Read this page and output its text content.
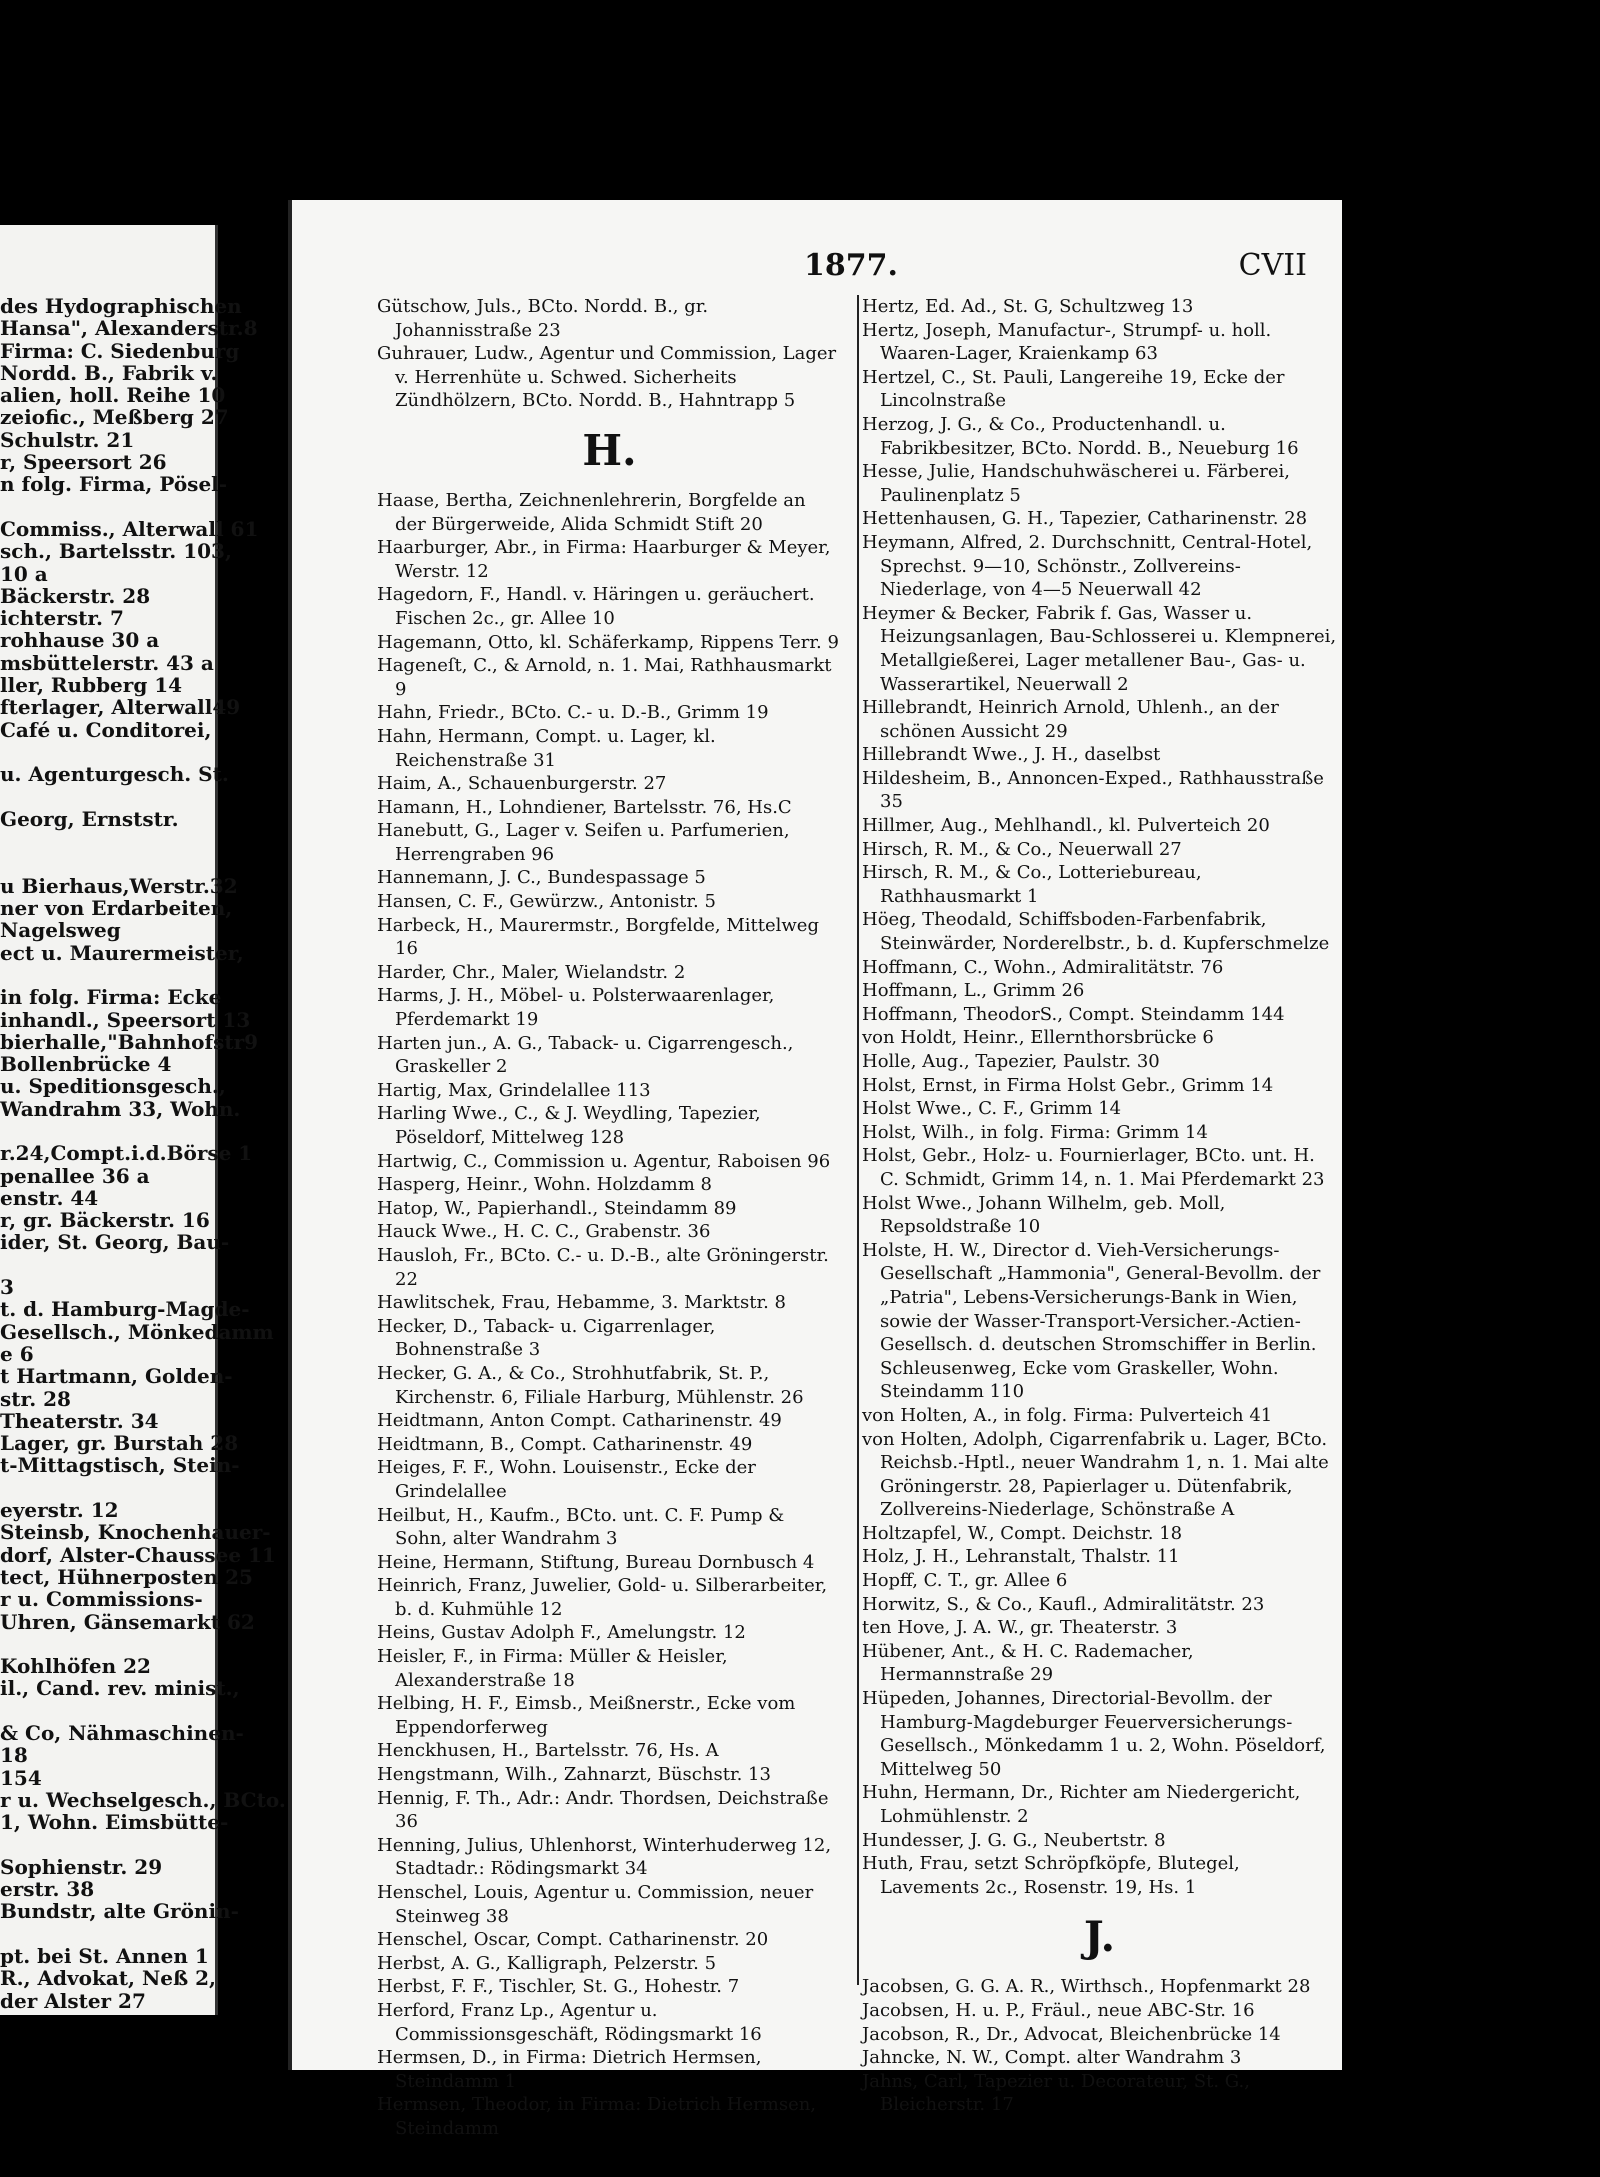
des Hydographischen
Hansa", Alexanderstr.8
Firma: C. Siedenburg
Nordd. B., Fabrik v.
alien, holl. Reihe 10
zeiofic., Meßberg 27
Schulstr. 21
r, Speersort 26
n folg. Firma, Pösel-

Commiss., Alterwall 61
sch., Bartelsstr. 103,
10 a
Bäckerstr. 28
ichterstr. 7
rohhause 30 a
msbüttelerstr. 43 a
ller, Rubberg 14
fterlager, Alterwall49
Café u. Conditorei,

u. Agenturgesch. St.

Georg, Ernststr.

u Bierhaus,Werstr.32
ner von Erdarbeiten,
Nagelsweg
ect u. Maurermeister,

in folg. Firma: Ecke
inhandl., Speersort 13
bierhalle,"Bahnhofstr9
Bollenbrücke 4
u. Speditionsgesch.,
Wandrahm 33, Wohn.

r.24,Compt.i.d.Börse 1
penallee 36 a
enstr. 44
r, gr. Bäckerstr. 16
ider, St. Georg, Bau-

3
t. d. Hamburg-Magde-
Gesellsch., Mönkedamm
e 6
t Hartmann, Golden-
str. 28
Theaterstr. 34
Lager, gr. Burstah 28
t-Mittagstisch, Stein-

eyerstr. 12
Steinsb, Knochenhauer-
dorf, Alster-Chaussee 11
tect, Hühnerposten 25
r u. Commissions-
Uhren, Gänsemarkt 62

Kohlhöfen 22
il., Cand. rev. minist.,

& Co, Nähmaschinen-
18
154
r u. Wechselgesch., BCto.
1, Wohn. Eimsbütte-

Sophienstr. 29
erstr. 38
Bundstr, alte Grönin-

pt. bei St. Annen 1
R., Advokat, Neß 2,
der Alster 27
1877.	CVII
Gütschow, Juls., BCto. Nordd. B., gr. Johannisstraße 23
Guhrauer, Ludw., Agentur und Commission, Lager v. Herrenhüte u. Schwed. Sicherheits Zündhölzern, BCto. Nordd. B., Hahntrapp 5
H.
Haase, Bertha, Zeichnenlehrerin, Borgfelde an der Bürgerweide, Alida Schmidt Stift 20
Haarburger, Abr., in Firma: Haarburger & Meyer, Werstr. 12
Hagedorn, F., Handl. v. Häringen u. geräuchert. Fischen 2c., gr. Allee 10
Hagemann, Otto, kl. Schäferkamp, Rippens Terr. 9
Hageneſt, C., & Arnold, n. 1. Mai, Rathhausmarkt 9
Hahn, Friedr., BCto. C.- u. D.-B., Grimm 19
Hahn, Hermann, Compt. u. Lager, kl. Reichenstraße 31
Haim, A., Schauenburgerstr. 27
Hamann, H., Lohndiener, Bartelsstr. 76, Hs.C
Hanebutt, G., Lager v. Seifen u. Parfumerien, Herrengraben 96
Hannemann, J. C., Bundespassage 5
Hansen, C. F., Gewürzw., Antonistr. 5
Harbeck, H., Maurermstr., Borgfelde, Mittelweg 16
Harder, Chr., Maler, Wielandstr. 2
Harms, J. H., Möbel- u. Polsterwaarenlager, Pferdemarkt 19
Harten jun., A. G., Taback- u. Cigarrengesch., Graskeller 2
Hartig, Max, Grindelallee 113
Harling Wwe., C., & J. Weydling, Tapezier, Pöseldorf, Mittelweg 128
Hartwig, C., Commission u. Agentur, Raboisen 96
Hasperg, Heinr., Wohn. Holzdamm 8
Hatop, W., Papierhandl., Steindamm 89
Hauck Wwe., H. C. C., Grabenstr. 36
Hausloh, Fr., BCto. C.- u. D.-B., alte Gröningerstr. 22
Hawlitschek, Frau, Hebamme, 3. Marktstr. 8
Hecker, D., Taback- u. Cigarrenlager, Bohnenstraße 3
Hecker, G. A., & Co., Strohhutfabrik, St. P., Kirchenstr. 6, Filiale Harburg, Mühlenstr. 26
Heidtmann, Anton Compt. Catharinenstr. 49
Heidtmann, B., Compt. Catharinenstr. 49
Heiges, F. F., Wohn. Louisenstr., Ecke der Grindelallee
Heilbut, H., Kaufm., BCto. unt. C. F. Pump & Sohn, alter Wandrahm 3
Heine, Hermann, Stiftung, Bureau Dornbusch 4
Heinrich, Franz, Juwelier, Gold- u. Silberarbeiter, b. d. Kuhmühle 12
Heins, Gustav Adolph F., Amelungstr. 12
Heisler, F., in Firma: Müller & Heisler, Alexanderstraße 18
Helbing, H. F., Eimsb., Meißnerstr., Ecke vom Eppendorferweg
Henckhusen, H., Bartelsstr. 76, Hs. A
Hengstmann, Wilh., Zahnarzt, Büschstr. 13
Hennig, F. Th., Adr.: Andr. Thordsen, Deichstraße 36
Henning, Julius, Uhlenhorst, Winterhuderweg 12, Stadtadr.: Rödingsmarkt 34
Henschel, Louis, Agentur u. Commission, neuer Steinweg 38
Henschel, Oscar, Compt. Catharinenstr. 20
Herbst, A. G., Kalligraph, Pelzerstr. 5
Herbst, F. F., Tischler, St. G., Hohestr. 7
Herford, Franz Lp., Agentur u. Commissionsgeschäft, Rödingsmarkt 16
Hermsen, D., in Firma: Dietrich Hermsen, Steindamm 1
Hermsen, Theodor, in Firma: Dietrich Hermsen, Steindamm
Hertz, Ed. Ad., St. G, Schultzweg 13
Hertz, Joseph, Manufactur-, Strumpf- u. holl. Waaren-Lager, Kraienkamp 63
Hertzel, C., St. Pauli, Langereihe 19, Ecke der Lincolnstraße
Herzog, J. G., & Co., Productenhandl. u. Fabrikbesitzer, BCto. Nordd. B., Neueburg 16
Hesse, Julie, Handschuhwäscherei u. Färberei, Paulinenplatz 5
Hettenhausen, G. H., Tapezier, Catharinenstr. 28
Heymann, Alfred, 2. Durchschnitt, Central-Hotel, Sprechst. 9—10, Schönstr., Zollvereins-Niederlage, von 4—5 Neuerwall 42
Heymer & Becker, Fabrik f. Gas, Wasser u. Heizungsanlagen, Bau-Schlosserei u. Klempnerei, Metallgießerei, Lager metallener Bau-, Gas- u. Wasserartikel, Neuerwall 2
Hillebrandt, Heinrich Arnold, Uhlenh., an der schönen Aussicht 29
Hillebrandt Wwe., J. H., daselbst
Hildesheim, B., Annoncen-Exped., Rathhausstraße 35
Hillmer, Aug., Mehlhandl., kl. Pulverteich 20
Hirsch, R. M., & Co., Neuerwall 27
Hirsch, R. M., & Co., Lotteriebureau, Rathhausmarkt 1
Höeg, Theodald, Schiffsboden-Farbenfabrik, Steinwärder, Norderelbstr., b. d. Kupferschmelze
Hoffmann, C., Wohn., Admiralitätstr. 76
Hoffmann, L., Grimm 26
Hoffmann, TheodorS., Compt. Steindamm 144
von Holdt, Heinr., Ellernthorsbrücke 6
Holle, Aug., Tapezier, Paulstr. 30
Holst, Ernst, in Firma Holst Gebr., Grimm 14
Holst Wwe., C. F., Grimm 14
Holst, Wilh., in folg. Firma: Grimm 14
Holst, Gebr., Holz- u. Fournierlager, BCto. unt. H. C. Schmidt, Grimm 14, n. 1. Mai Pferdemarkt 23
Holst Wwe., Johann Wilhelm, geb. Moll, Repsoldstraße 10
Holste, H. W., Director d. Vieh-Versicherungs-Gesellschaft „Hammonia", General-Bevollm. der „Patria", Lebens-Versicherungs-Bank in Wien, sowie der Wasser-Transport-Versicher.-Actien-Gesellsch. d. deutschen Stromschiffer in Berlin. Schleusenweg, Ecke vom Graskeller, Wohn. Steindamm 110
von Holten, A., in folg. Firma: Pulverteich 41
von Holten, Adolph, Cigarrenfabrik u. Lager, BCto. Reichsb.-Hptl., neuer Wandrahm 1, n. 1. Mai alte Gröningerstr. 28, Papierlager u. Dütenfabrik, Zollvereins-Niederlage, Schönstraße A
Holtzapfel, W., Compt. Deichstr. 18
Holz, J. H., Lehranstalt, Thalstr. 11
Hopff, C. T., gr. Allee 6
Horwitz, S., & Co., Kaufl., Admiralitätstr. 23
ten Hove, J. A. W., gr. Theaterstr. 3
Hübener, Ant., & H. C. Rademacher, Hermannstraße 29
Hüpeden, Johannes, Directorial-Bevollm. der Hamburg-Magdeburger Feuerversicherungs-Gesellsch., Mönkedamm 1 u. 2, Wohn. Pöseldorf, Mittelweg 50
Huhn, Hermann, Dr., Richter am Niedergericht, Lohmühlenstr. 2
Hundesser, J. G. G., Neubertstr. 8
Huth, Frau, setzt Schröpfköpfe, Blutegel, Lavements 2c., Rosenstr. 19, Hs. 1
J.
Jacobsen, G. G. A. R., Wirthsch., Hopfenmarkt 28
Jacobsen, H. u. P., Fräul., neue ABC-Str. 16
Jacobson, R., Dr., Advocat, Bleichenbrücke 14
Jahncke, N. W., Compt. alter Wandrahm 3
Jahns, Carl, Tapezier u. Decorateur, St. G., Bleicherstr. 17
